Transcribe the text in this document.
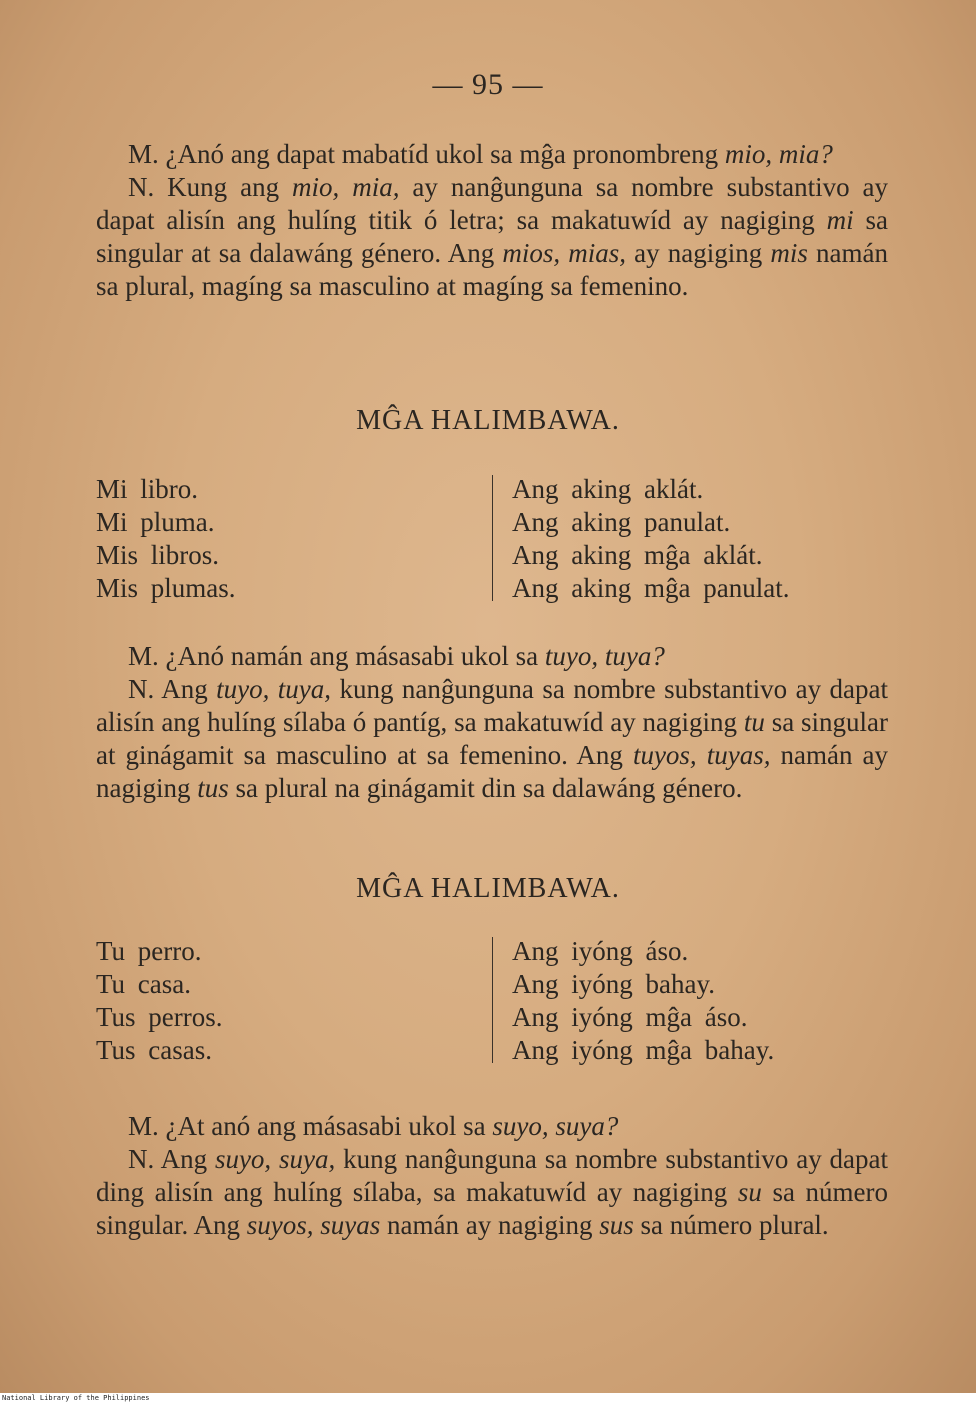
— 95 —

M. ¿Anó ang dapat mabatíd ukol sa mĝa pronombreng mio, mia?

N. Kung ang mio, mia, ay nanĝunguna sa nombre substantivo ay dapat alisín ang hulíng titik ó letra; sa makatuwíd ay nagiging mi sa singular at sa dalawáng género. Ang mios, mias, ay nagiging mis namán sa plural, magíng sa masculino at magíng sa femenino.

MĜA HALIMBAWA.
Mi libro.
Mi pluma.
Mis libros.
Mis plumas.
Ang aking aklát.
Ang aking panulat.
Ang aking mĝa aklát.
Ang aking mĝa panulat.

M. ¿Anó namán ang másasabi ukol sa tuyo, tuya?

N. Ang tuyo, tuya, kung nanĝunguna sa nombre substantivo ay dapat alisín ang hulíng sílaba ó pantíg, sa makatuwíd ay nagiging tu sa singular at ginágamit sa masculino at sa femenino. Ang tuyos, tuyas, namán ay nagiging tus sa plural na ginágamit din sa dalawáng género.

MĜA HALIMBAWA.
Tu perro.
Tu casa.
Tus perros.
Tus casas.
Ang iyóng áso.
Ang iyóng bahay.
Ang iyóng mĝa áso.
Ang iyóng mĝa bahay.

M. ¿At anó ang másasabi ukol sa suyo, suya?

N. Ang suyo, suya, kung nanĝunguna sa nombre substantivo ay dapat ding alisín ang hulíng sílaba, sa makatuwíd ay nagiging su sa número singular. Ang suyos, suyas namán ay nagiging sus sa número plural.

National Library of the Philippines
